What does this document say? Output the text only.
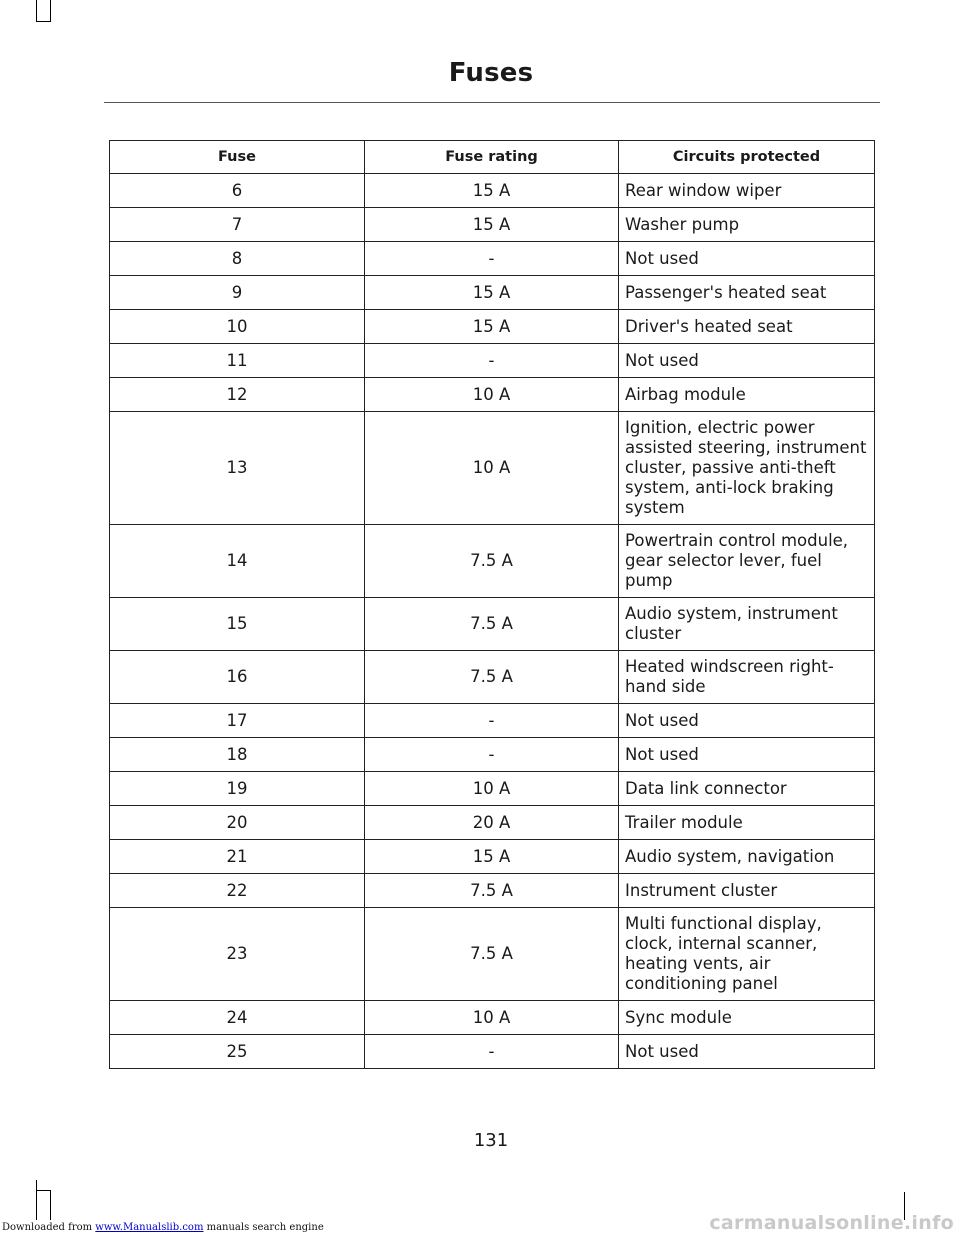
Fuses
Fuse	Fuse rating	Circuits protected
6	15 A	Rear window wiper
7	15 A	Washer pump
8	-	Not used
9	15 A	Passenger's heated seat
10	15 A	Driver's heated seat
11	-	Not used
12	10 A	Airbag module
13	10 A	Ignition, electric power assisted steering, instrument cluster, passive anti-theft system, anti-lock braking system
14	7.5 A	Powertrain control module, gear selector lever, fuel pump
15	7.5 A	Audio system, instrument cluster
16	7.5 A	Heated windscreen right-hand side
17	-	Not used
18	-	Not used
19	10 A	Data link connector
20	20 A	Trailer module
21	15 A	Audio system, navigation
22	7.5 A	Instrument cluster
23	7.5 A	Multi functional display, clock, internal scanner, heating vents, air conditioning panel
24	10 A	Sync module
25	-	Not used
131
Downloaded from www.Manualslib.com manuals search engine	carmanualsonline.info
